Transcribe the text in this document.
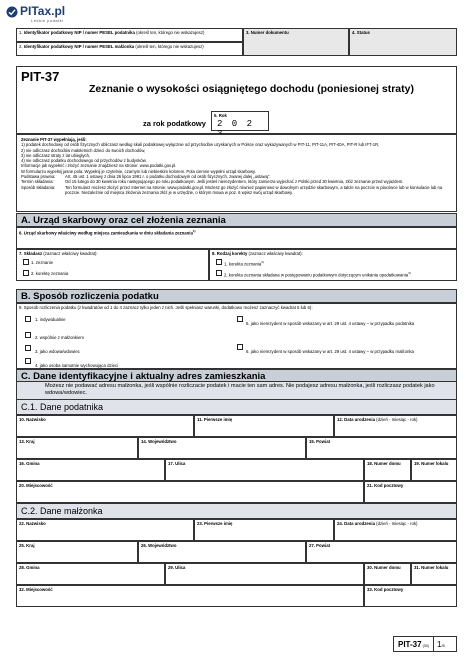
PITax.pl
Lekkie podatki
1. Identyfikator podatkowy NIP / numer PESEL podatnika (określ ten, którego nie wskazujesz)
2. Identyfikator podatkowy NIP / numer PESEL małżonka (określ ten, którego nie wskazujesz)
3. Numer dokumentu	4. Status
PIT-37
Zeznanie o wysokości osiągniętego dochodu (poniesionej straty)
za rok podatkowy
5. Rok
2 0 2
Zeznanie PIT-37 wypełniają, jeśli:
1) podatek dochodowy od osób fizycznych obliczasz według skali podatkowej wyłącznie od przychodów uzyskanych w Polsce oraz wykazywanych w PIT-11, PIT-11A, PIT-40A, PIT-R lub IFT-1R,
2) nie odliczasz dochodów małoletnich dzieci do swoich dochodów,
3) nie odliczasz straty z lat ubiegłych,
4) nie odliczasz podatku dochodowego od przychodów z budynków.
Informacje jak wypełnić i złożyć zeznanie znajdziesz na stronie: www.podatki.gov.pl.
W formularzu wypełnij jasne pola. Wypełnij je czytelnie, czarnym lub niebieskim kolorem. Pola ciemne wypełni urząd skarbowy.
Podstawa prawna:	Art. 45 ust. 1 ustawy z dnia 26 lipca 1991 r. o podatku dochodowym od osób fizycznych, zwanej dalej „ustawą”.
Termin składania:	Od 15 lutego do 30 kwietnia roku następującego po roku podatkowym. Jeśli jesteś nierezydentem, który zamierza wyjechać z Polski przed 30 kwietnia, złóż zeznanie przed wyjazdem.
Sposób składania:	Ten formularz możesz złożyć przez Internet na stronie: www.podatki.gov.pl. Możesz go złożyć również papierowo w dowolnym urzędzie skarbowym, a także na poczcie w placówce lub w konsulacie lub na poczcie. Niezależnie od miejsca złożenia zeznania złóż je w urzędzie, o którym mowa w poz. 6 wpisz swój urząd skarbowy.
A. Urząd skarbowy oraz cel złożenia zeznania
6. Urząd skarbowy właściwy według miejsca zamieszkania w dniu składania zeznania$^{1)}$
7. Składasz (zaznacz właściwy kwadrat):
1. zeznanie
2. korektę zeznania
8. Rodzaj korekty (zaznacz właściwy kwadrat):
1. korekta zeznania$^{2)}$
2. korekta zeznania składana w postępowaniu podatkowym dotyczącym unikania opodatkowania$^{3)}$
B. Sposób rozliczenia podatku
9. Sposób rozliczenia podatku (z kwadratów od 1 do 4 zaznacz tylko jeden z nich. Jeśli spełniasz warunki, dodatkowo możesz zaznaczyć kwadrat 5 lub 6):
1. indywidualnie
2. wspólnie z małżonkiem
3. jako wdowa/wdowiec
4. jako osoba samotnie wychowująca dzieci
5. jako nierezydent w sposób wskazany w art. 29 ust. 4 ustawy – w przypadku podatnika
6. jako nierezydent w sposób wskazany w art. 29 ust. 4 ustawy – w przypadku małżonka
C. Dane identyfikacyjne i aktualny adres zamieszkania
Możesz nie podawać adresu małżonka, jeśli wspólnie rozliczacie podatek i macie ten sam adres. Nie podajesz adresu małżonka, jeśli rozliczasz podatek jako wdowa/wdowiec.
C.1. Dane podatnika
10. Nazwisko	11. Pierwsze imię	12. Data urodzenia (dzień - miesiąc - rok)
13. Kraj	14. Województwo	15. Powiat
16. Gmina	17. Ulica	18. Numer domu	19. Numer lokalu
20. Miejscowość	21. Kod pocztowy
C.2. Dane małżonka
22. Nazwisko	23. Pierwsze imię	24. Data urodzenia (dzień - miesiąc - rok)
25. Kraj	26. Województwo	27. Powiat
28. Gmina	29. Ulica	30. Numer domu	31. Numer lokalu
32. Miejscowość	33. Kod pocztowy
PIT-37 (30) 1 /5
